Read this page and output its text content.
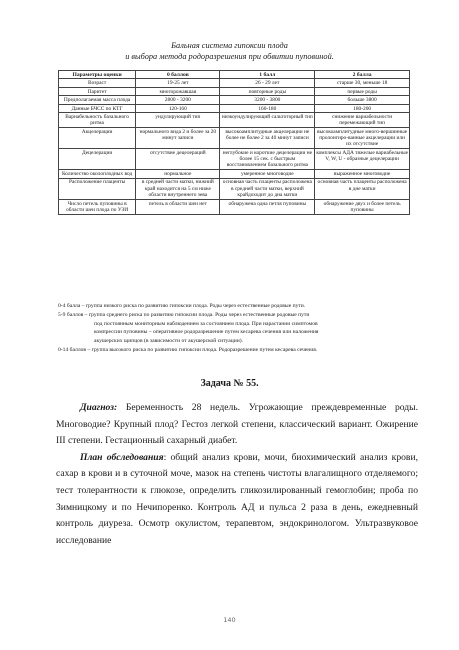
Бальная система гипоксии плода
и выбора метода родоразрешения при обвитии пуповиной.
Параметры оценки	0 баллов	1 балл	2 балла
Возраст	19-25 лет	26 - 29 лет	старше 30, меньше 18
Паритет	многорожавшая	повторные роды	первые роды
Предполагаемая масса плода	2800 - 3200	3200 - 3800	больше 3800
Данные БЧСС по КТГ	120-160	160-180	180-200
Вариабельность базального ритма	ундулирующий тип	низкоундулирующий сальтоторный тип	снижение вариабельности перемежающий тип
Акцелерации	нормального вида 2 и более за 20 минут записи	высокоамплитудные акцелерации не более не более 2 за 40 минут записи	высокоамплитудные много-вершинные пролонгиро-ванные акцелерации или их отсутствие
Децелерации	отсутствие децелераций	неглубокие и короткие децелерации не более 15 сек. с быстрым восстановлением базального ритма	комплексы АДА тяжелые вариабельные V, W, U - образные децелерации
Количество околоплодных вод	нормальное	умеренное многоводие	выраженное многоводие
Расположение плаценты	в средней части матки, нижний край находится на 5 см ниже области внутреннего зева	основная часть плаценты расположена в средней части матки, верхний крайдоходит до дна матки	основная часть плаценты расположена в дне матки
Число петель пуповины в области шеи плода по УЗИ	петель в области шеи нет	обнаружена одна петля пуповины	обнаружение двух и более петель пуповины

0-4 балла – группа низкого риска по развитию гипоксии плода. Роды через естественные родовые пути.

5-9 баллов – группа среднего риска по развитию гипоксии плода. Роды через естественные родовые пути

под постоянным мониторным наблюдением за состоянием плода. При нарастании симптомов

компрессии пуповины – оперативное родоразрешение путем кесарева сечения или наложения

акушерских щипцов (в зависимости от акушерской ситуации).

0-14 баллов – группа высокого риска по развитию гипоксии плода. Родоразрешение путем кесарева сечения.

Задача № 55.

Диагноз: Беременность 28 недель. Угрожающие преждевременные роды. Многоводие? Крупный плод? Гестоз легкой степени, классический вариант. Ожирение III степени. Гестационный сахарный диабет.

План обследования: общий анализ крови, мочи, биохимический анализ крови, сахар в крови и в суточной моче, мазок на степень чистоты влагалищного отделяемого; тест толерантности к глюкозе, определить гликозилированный гемоглобин; проба по Зимницкому и по Нечипоренко. Контроль АД и пульса 2 раза в день, ежедневный контроль диуреза. Осмотр окулистом, терапевтом, эндокринологом. Ультразвуковое исследование

140
